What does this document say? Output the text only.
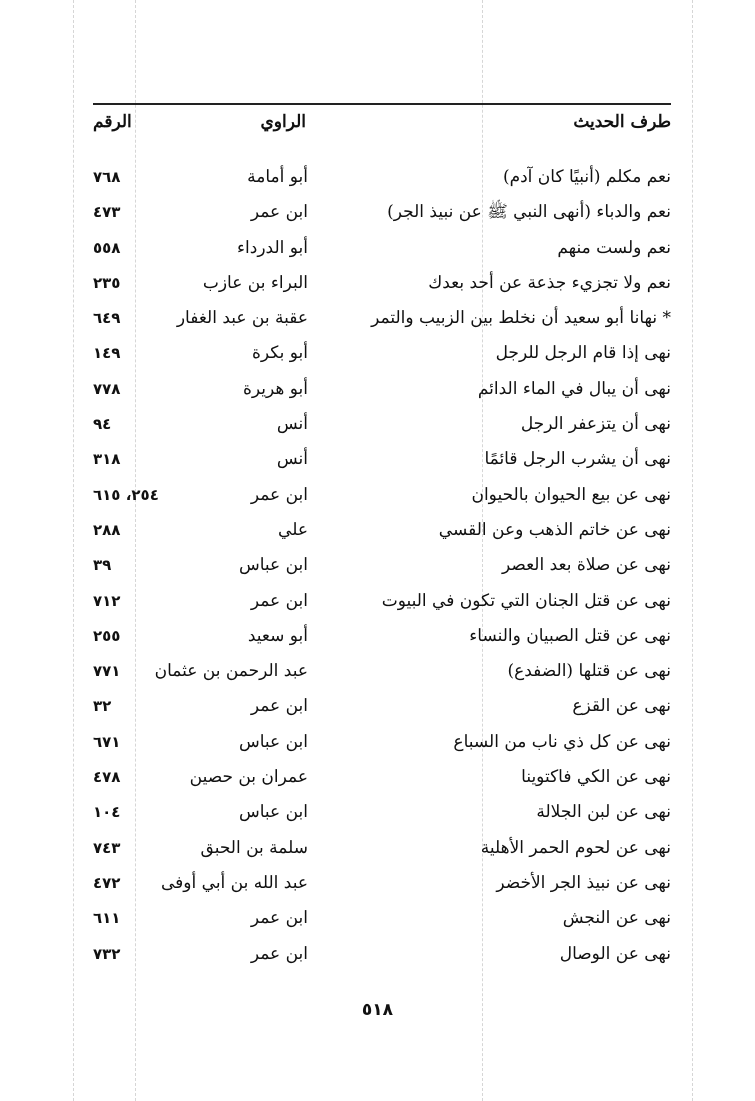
طرف الحديث
الراوي
الرقم
نعم مكلم (أنبيًا كان آدم)
أبو أمامة
٧٦٨
نعم والدباء (أنهى النبي ﷺ عن نبيذ الجر)
ابن عمر
٤٧٣
نعم ولست منهم
أبو الدرداء
٥٥٨
نعم ولا تجزيء جذعة عن أحد بعدك
البراء بن عازب
٢٣٥
* نهانا أبو سعيد أن نخلط بين الزبيب والتمر
عقبة بن عبد الغفار
٦٤٩
نهى إذا قام الرجل للرجل
أبو بكرة
١٤٩
نهى أن يبال في الماء الدائم
أبو هريرة
٧٧٨
نهى أن يتزعفر الرجل
أنس
٩٤
نهى أن يشرب الرجل قائمًا
أنس
٣١٨
نهى عن بيع الحيوان بالحيوان
ابن عمر
٢٥٤، ٦١٥
نهى عن خاتم الذهب وعن القسي
علي
٢٨٨
نهى عن صلاة بعد العصر
ابن عباس
٣٩
نهى عن قتل الجنان التي تكون في البيوت
ابن عمر
٧١٢
نهى عن قتل الصبيان والنساء
أبو سعيد
٢٥٥
نهى عن قتلها (الضفدع)
عبد الرحمن بن عثمان
٧٧١
نهى عن القزع
ابن عمر
٣٢
نهى عن كل ذي ناب من السباع
ابن عباس
٦٧١
نهى عن الكي فاكتوينا
عمران بن حصين
٤٧٨
نهى عن لبن الجلالة
ابن عباس
١٠٤
نهى عن لحوم الحمر الأهلية
سلمة بن الحبق
٧٤٣
نهى عن نبيذ الجر الأخضر
عبد الله بن أبي أوفى
٤٧٢
نهى عن النجش
ابن عمر
٦١١
نهى عن الوصال
ابن عمر
٧٣٢
٥١٨
